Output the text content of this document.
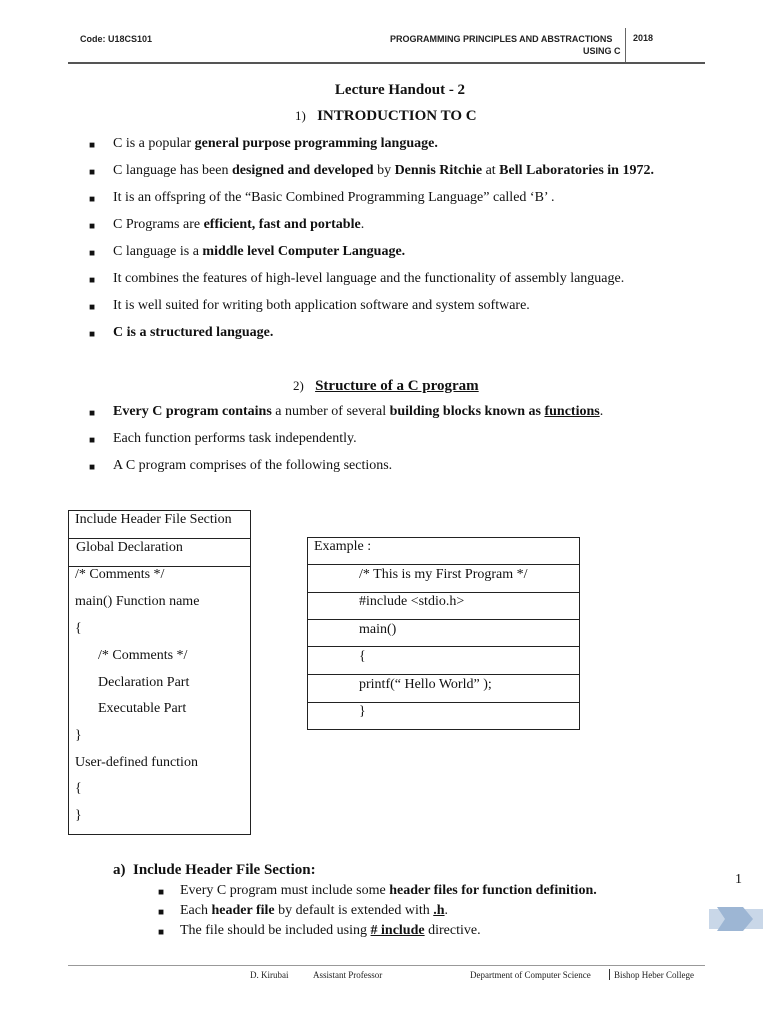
Code: U18CS101	PROGRAMMING PRINCIPLES AND ABSTRACTIONS
USING C
2018
Lecture Handout - 2
1) INTRODUCTION TO C
■ C is a popular general purpose programming language.
■ C language has been designed and developed by Dennis Ritchie at Bell Laboratories in 1972.
■ It is an offspring of the “Basic Combined Programming Language” called ‘B’ .
■ C Programs are efficient, fast and portable.
■ C language is a middle level Computer Language.
■ It combines the features of high-level language and the functionality of assembly language.
■ It is well suited for writing both application software and system software.
■ C is a structured language.
2) Structure of a C program
■ Every C program contains a number of several building blocks known as functions.
■ Each function performs task independently.
■ A C program comprises of the following sections.
Include Header File Section
Global Declaration
/* Comments */
main() Function name
{
/* Comments */
Declaration Part
Executable Part
}
User-defined function
{
}
Example :
/* This is my First Program */
#include <stdio.h>
main()
{
printf(“ Hello World” );
}
a) Include Header File Section:
■ Every C program must include some header files for function definition.
■ Each header file by default is extended with .h.
■ The file should be included using # include directive.
1
D. Kirubai	Assistant Professor	Department of Computer Science	Bishop Heber College
